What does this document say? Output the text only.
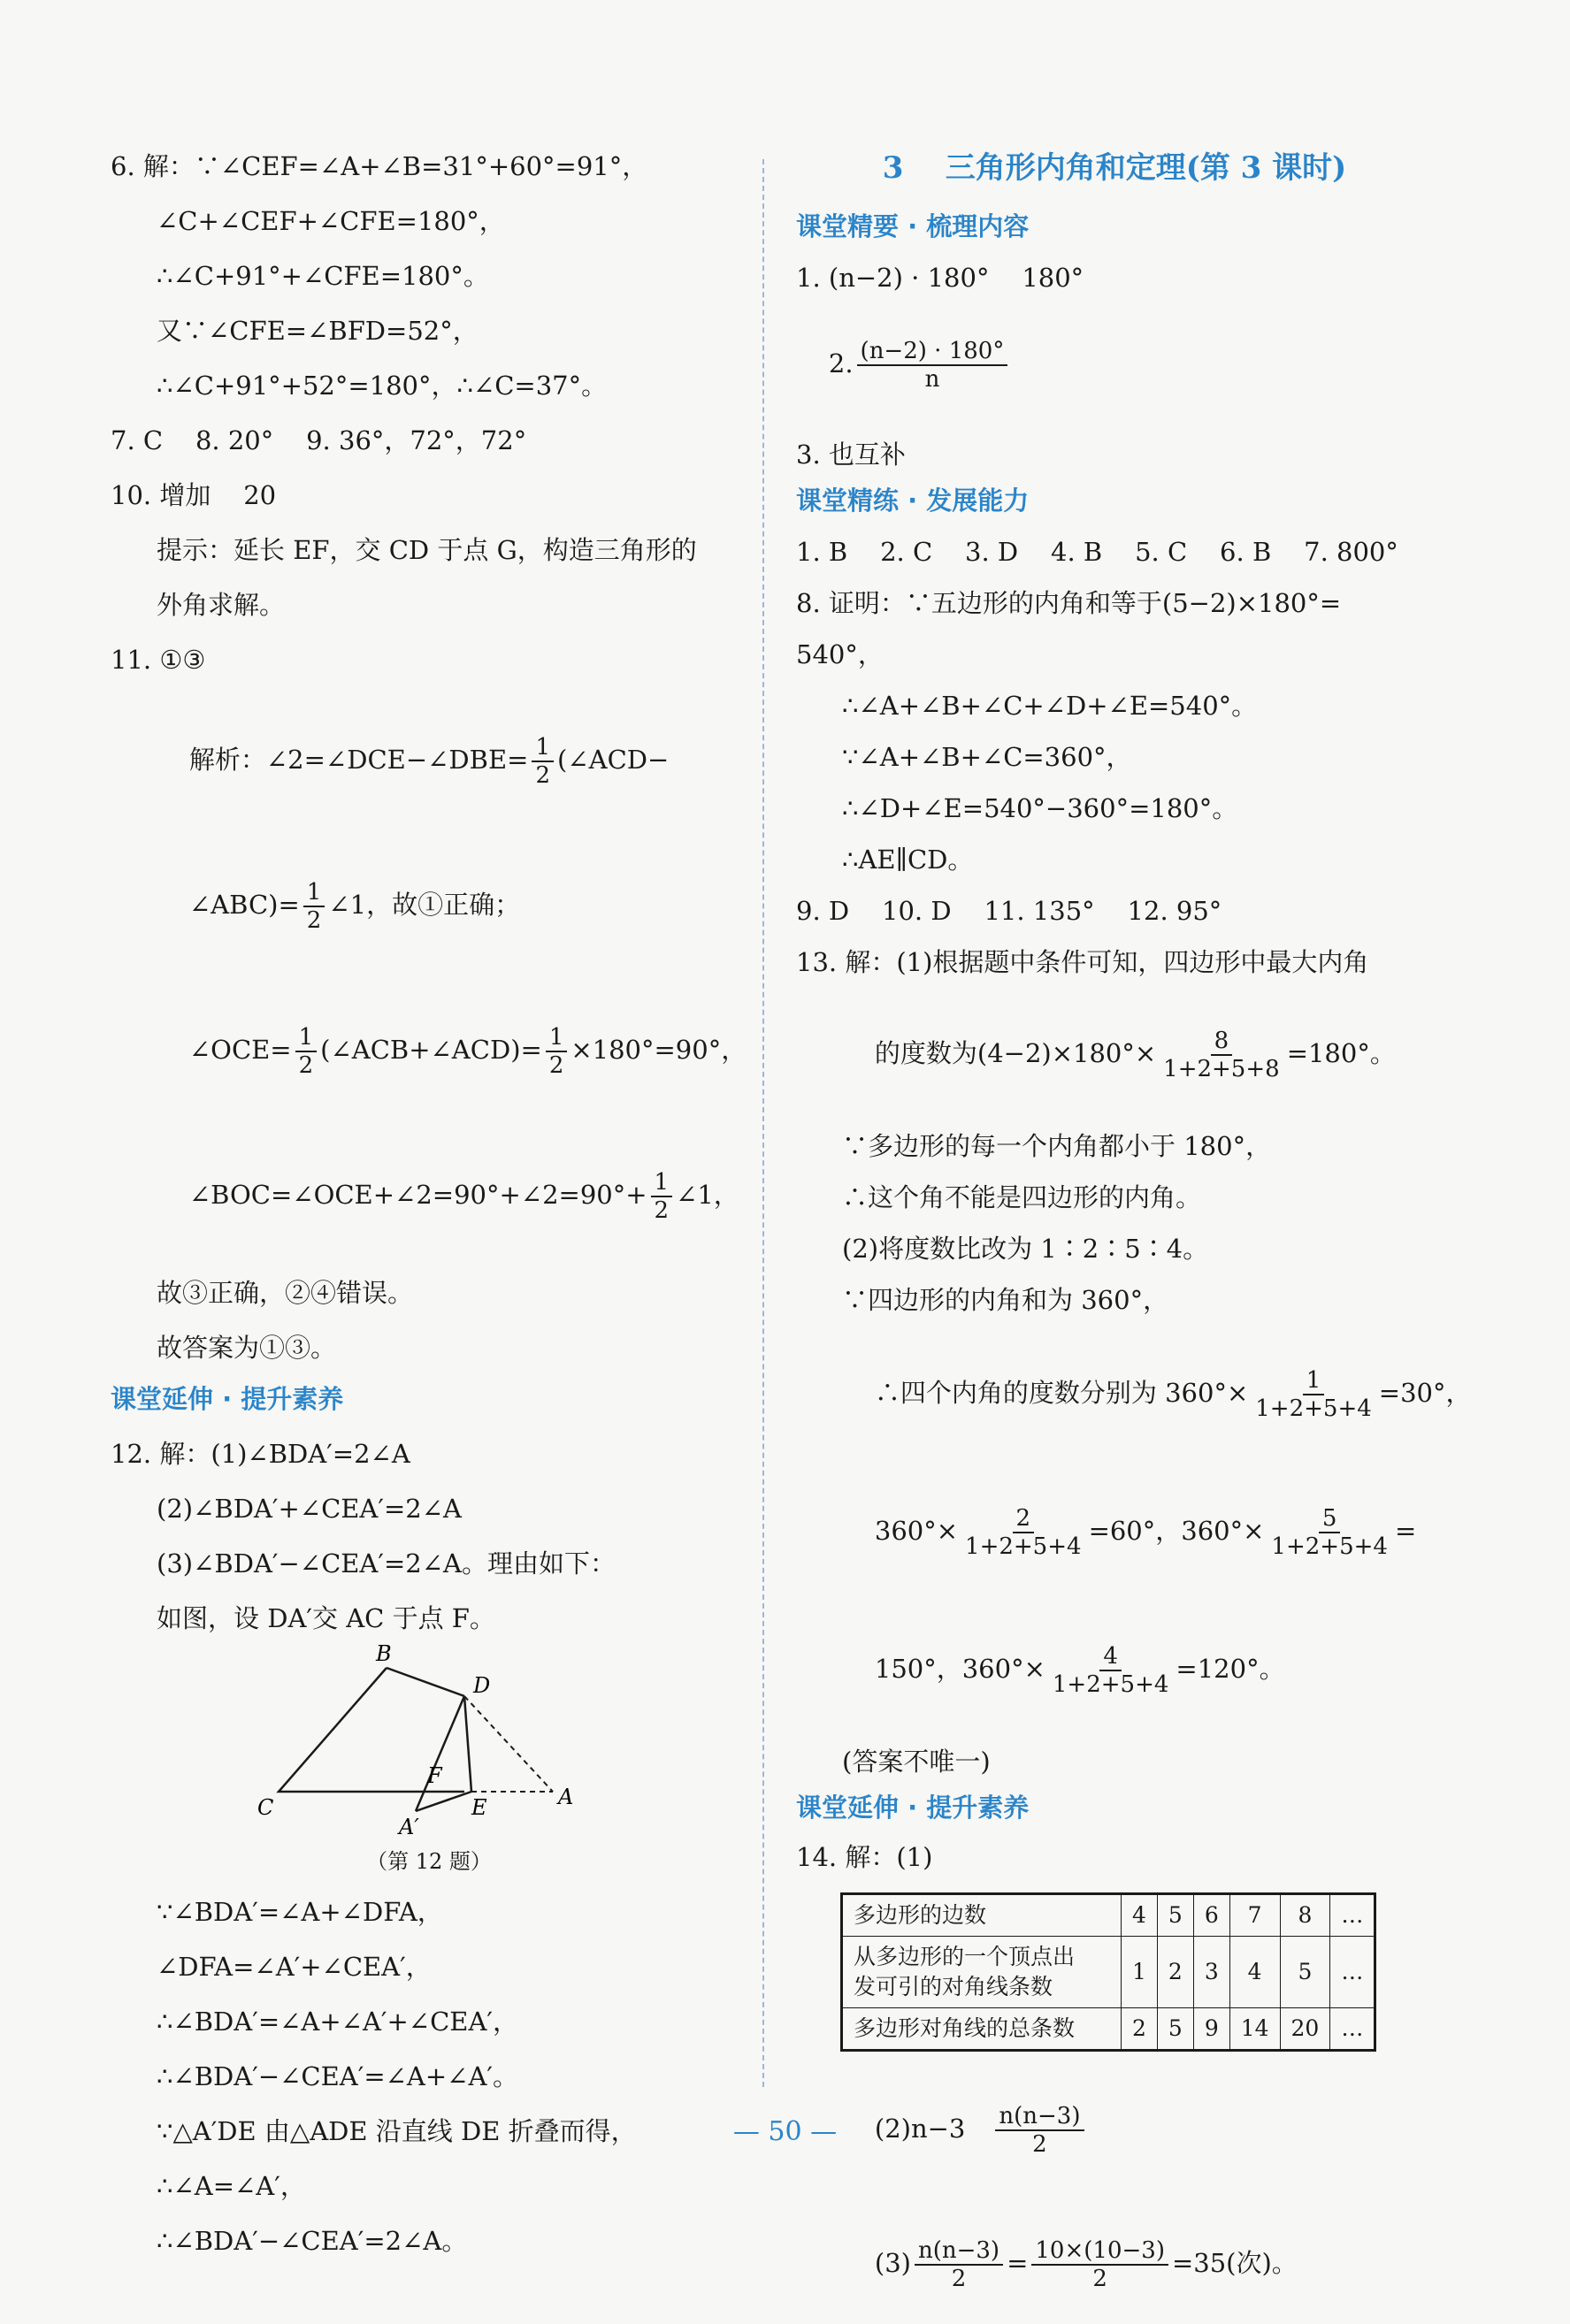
6. 解：∵∠CEF=∠A+∠B=31°+60°=91°，

∠C+∠CEF+∠CFE=180°，

∴∠C+91°+∠CFE=180°。

又∵∠CFE=∠BFD=52°，

∴∠C+91°+52°=180°，∴∠C=37°。

7. C    8. 20°    9. 36°，72°，72°

10. 增加    20

提示：延长 EF，交 CD 于点 G，构造三角形的

外角求解。

11. ①③

解析：∠2=∠DCE−∠DBE= $\frac{1}{2}$ (∠ACD−

∠ABC)= $\frac{1}{2}$ ∠1，故①正确；

∠OCE= $\frac{1}{2}$ (∠ACB+∠ACD)= $\frac{1}{2} \times 180^\circ=90^\circ$，

∠BOC=∠OCE+∠2=90°+∠2=90°+ $\frac{1}{2}$ ∠1，

故③正确，②④错误。

故答案为①③。

课堂延伸 · 提升素养

12. 解：(1)∠BDA′=2∠A

(2)∠BDA′+∠CEA′=2∠A

(3)∠BDA′−∠CEA′=2∠A。理由如下：

如图，设 DA′交 AC 于点 F。

B
D
F
E
C	A
A′
（第 12 题）

∵∠BDA′=∠A+∠DFA，

∠DFA=∠A′+∠CEA′，

∴∠BDA′=∠A+∠A′+∠CEA′，

∴∠BDA′−∠CEA′=∠A+∠A′。

∵△A′DE 由△ADE 沿直线 DE 折叠而得，

∴∠A=∠A′，

∴∠BDA′−∠CEA′=2∠A。

3    三角形内角和定理(第 3 课时)
课堂精要 · 梳理内容

1. (n−2) · 180°    180°

2. $\frac{(n-2) \cdot 180^\circ}{n}$

3. 也互补

课堂精练 · 发展能力

1. B    2. C    3. D    4. B    5. C    6. B    7. 800°

8. 证明：∵五边形的内角和等于(5−2)×180°=

540°，

∴∠A+∠B+∠C+∠D+∠E=540°。

∵∠A+∠B+∠C=360°，

∴∠D+∠E=540°−360°=180°。

∴AE∥CD。

9. D    10. D    11. 135°    12. 95°

13. 解：(1)根据题中条件可知，四边形中最大内角

的度数为$(4-2)\times 180^\circ\times \frac{8}{1+2+5+8} =180^\circ$。

∵多边形的每一个内角都小于 180°，

∴这个角不能是四边形的内角。

(2)将度数比改为 1∶2∶5∶4。

∵四边形的内角和为 360°，

∴四个内角的度数分别为 $360^\circ\times \frac{1}{1+2+5+4} =30^\circ$，

$360^\circ\times \frac{2}{1+2+5+4} =60^\circ$，$360^\circ\times \frac{5}{1+2+5+4}$ =

150°，$360^\circ\times \frac{4}{1+2+5+4} =120^\circ$。

(答案不唯一)

课堂延伸 · 提升素养

14. 解：(1)

多边形的边数	4	5	6	7	8	…
从多边形的一个顶点出
发可引的对角线条数	1	2	3	4	5	…
多边形对角线的总条数	2	5	9	14	20	…

$(2)n-3 \frac{n(n-3)}{2}$

$(3) \frac{n(n-3)}{2} = \frac{10\times(10-3)}{2} =35$(次)。

— 50 —
